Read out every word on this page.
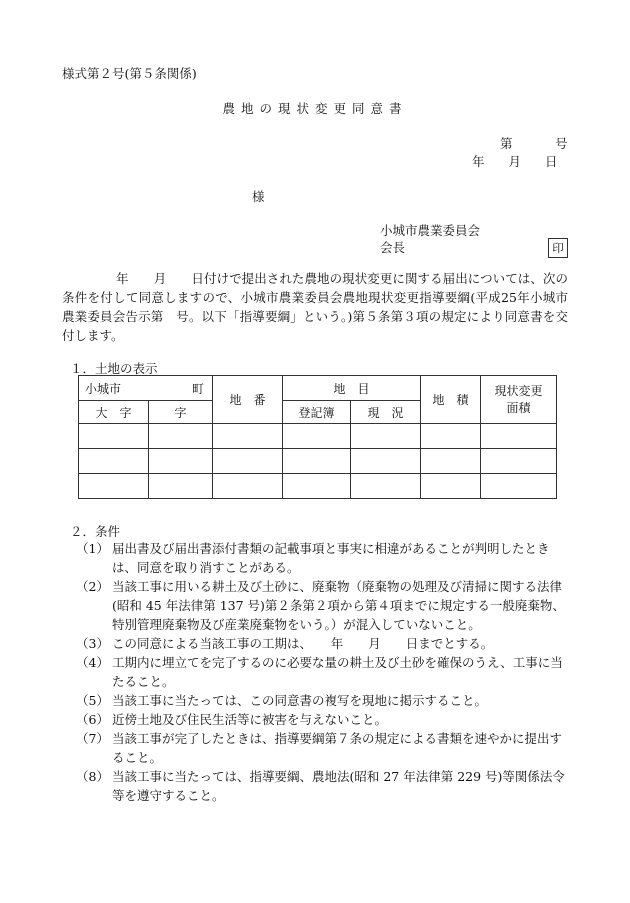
様式第２号(第５条関係)
農地の現状変更同意書
第	号
年 月 日
様
小城市農業委員会
会長	印
年　　月　　日付けで提出された農地の現状変更に関する届出については、次の条件を付して同意しますので、小城市農業委員会農地現状変更指導要綱(平成25年小城市農業委員会告示第　号。以下「指導要綱」という。)第５条第３項の規定により同意書を交付します。
１．土地の表示
小城市 町		地　番	地　目		地　積	現状変更面積

大　字	字		登記簿	現　況		

２．条件
（1） 届出書及び届出書添付書類の記載事項と事実に相違があることが判明したときは、同意を取り消すことがある。
（2） 当該工事に用いる耕土及び土砂に、廃棄物（廃棄物の処理及び清掃に関する法律(昭和 45 年法律第 137 号)第２条第２項から第４項までに規定する一般廃棄物、特別管理廃棄物及び産業廃棄物をいう。）が混入していないこと。
（3） この同意による当該工事の工期は、　　年　　月　　日までとする。
（4） 工期内に埋立てを完了するのに必要な量の耕土及び土砂を確保のうえ、工事に当たること。
（5） 当該工事に当たっては、この同意書の複写を現地に掲示すること。
（6） 近傍土地及び住民生活等に被害を与えないこと。
（7） 当該工事が完了したときは、指導要綱第７条の規定による書類を速やかに提出すること。
（8） 当該工事に当たっては、指導要綱、農地法(昭和 27 年法律第 229 号)等関係法令等を遵守すること。
